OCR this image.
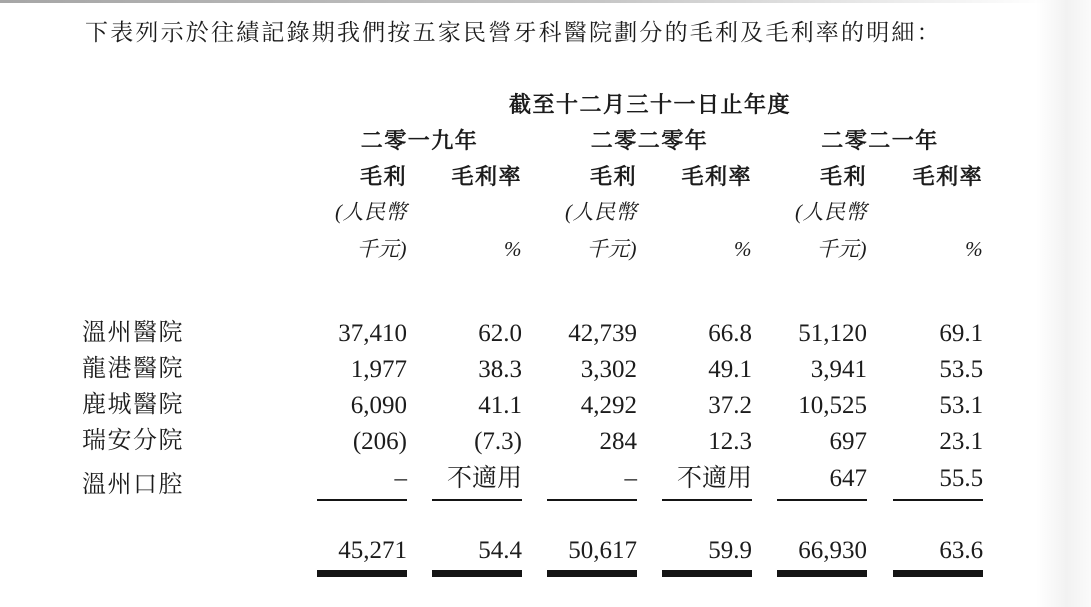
下表列示於往績記錄期我們按五家民營牙科醫院劃分的毛利及毛利率的明細：
	截至十二月三十一日止年度					
	二零一九年		二零二零年		二零二一年	
	毛利	毛利率	毛利	毛利率	毛利	毛利率
	(人民幣		(人民幣		(人民幣	
	千元)	%	千元)	%	千元)	%

溫州醫院	37,410	62.0	42,739	66.8	51,120	69.1
龍港醫院	1,977	38.3	3,302	49.1	3,941	53.5
鹿城醫院	6,090	41.1	4,292	37.2	10,525	53.1
瑞安分院	(206)	(7.3)	284	12.3	697	23.1
溫州口腔	–	不適用	–	不適用	647	55.5

	45,271	54.4	50,617	59.9	66,930	63.6
